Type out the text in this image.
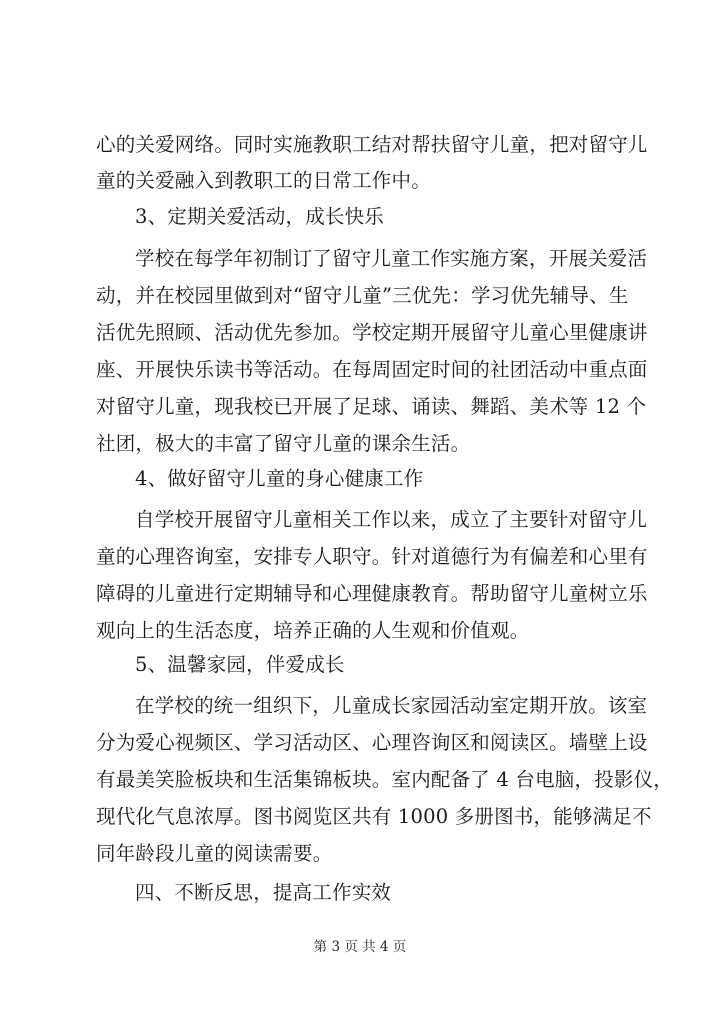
心的关爱网络。同时实施教职工结对帮扶留守儿童，把对留守儿
童的关爱融入到教职工的日常工作中。
3、定期关爱活动，成长快乐
学校在每学年初制订了留守儿童工作实施方案，开展关爱活
动，并在校园里做到对“留守儿童”三优先：学习优先辅导、生
活优先照顾、活动优先参加。学校定期开展留守儿童心里健康讲
座、开展快乐读书等活动。在每周固定时间的社团活动中重点面
对留守儿童，现我校已开展了足球、诵读、舞蹈、美术等 12 个
社团，极大的丰富了留守儿童的课余生活。
4、做好留守儿童的身心健康工作
自学校开展留守儿童相关工作以来，成立了主要针对留守儿
童的心理咨询室，安排专人职守。针对道德行为有偏差和心里有
障碍的儿童进行定期辅导和心理健康教育。帮助留守儿童树立乐
观向上的生活态度，培养正确的人生观和价值观。
5、温馨家园，伴爱成长
在学校的统一组织下，儿童成长家园活动室定期开放。该室
分为爱心视频区、学习活动区、心理咨询区和阅读区。墙壁上设
有最美笑脸板块和生活集锦板块。室内配备了 4 台电脑，投影仪，
现代化气息浓厚。图书阅览区共有 1000 多册图书，能够满足不
同年龄段儿童的阅读需要。
四、不断反思，提高工作实效
第 3 页 共 4 页
